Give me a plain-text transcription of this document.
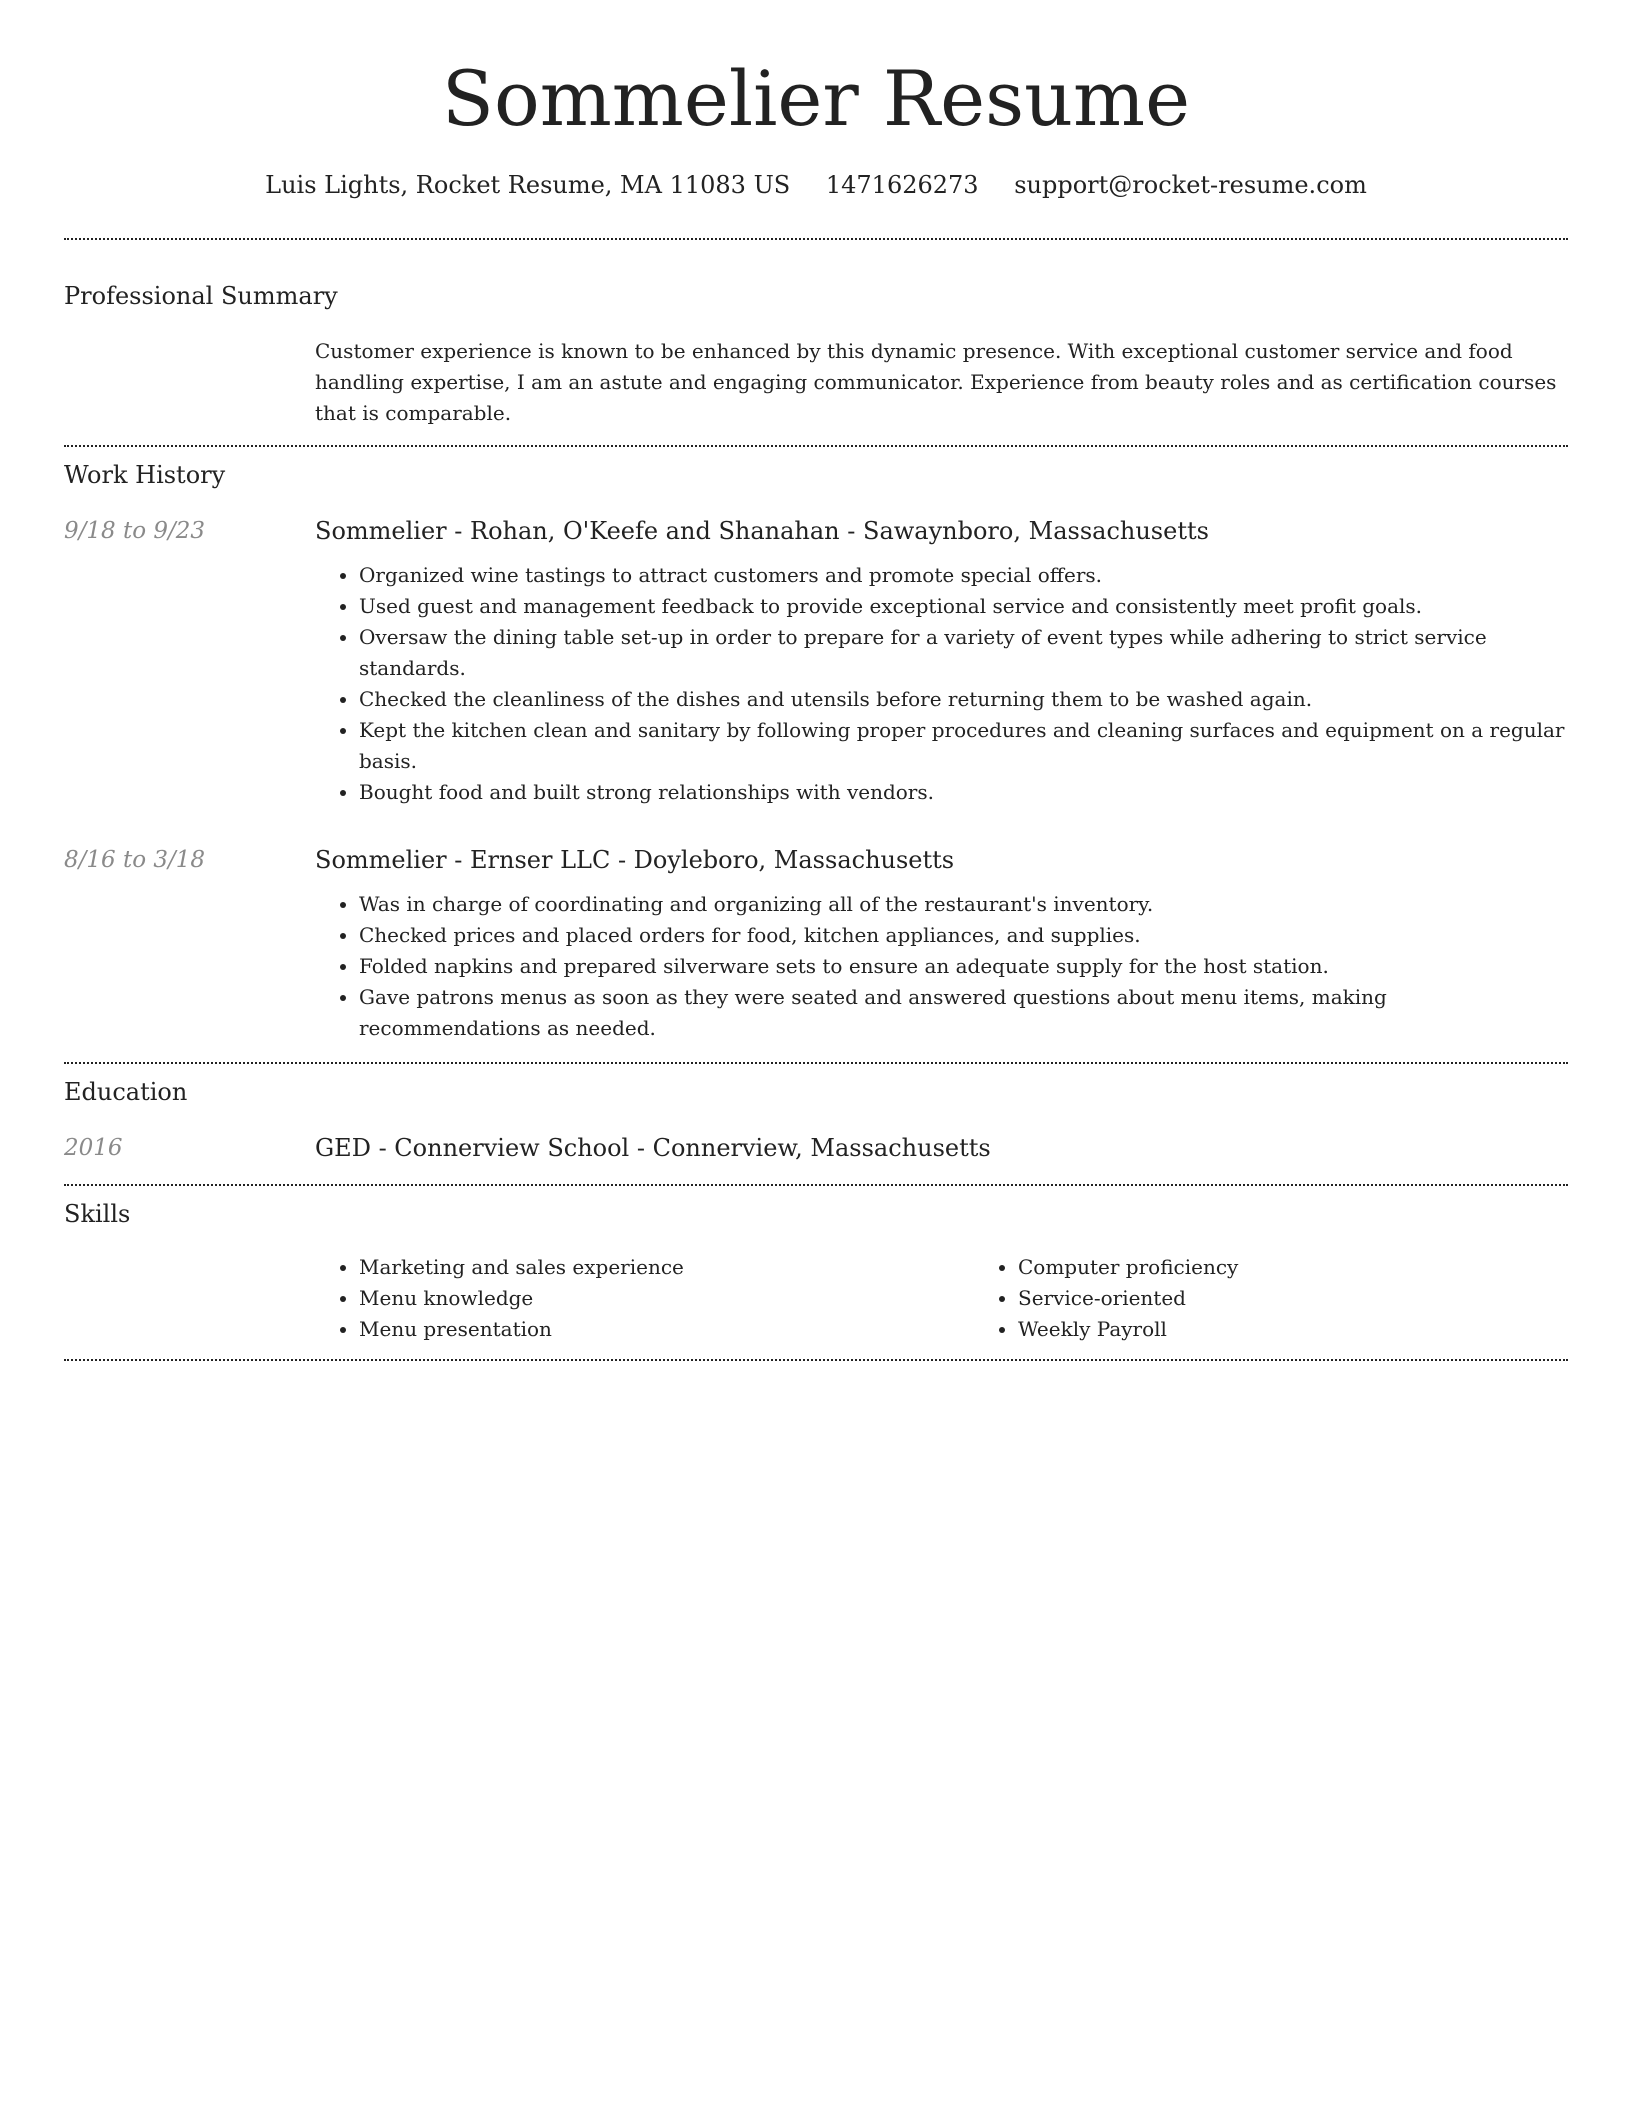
Sommelier Resume
Luis Lights, Rocket Resume, MA 11083 US 1471626273 support@rocket-resume.com
Professional Summary

Customer experience is known to be enhanced by this dynamic presence. With exceptional customer service and food handling expertise, I am an astute and engaging communicator. Experience from beauty roles and as certification courses that is comparable.

Work History
9/18 to 9/23	Sommelier - Rohan, O'Keefe and Shanahan - Sawaynboro, Massachusetts
• Organized wine tastings to attract customers and promote special offers.
• Used guest and management feedback to provide exceptional service and consistently meet profit goals.
• Oversaw the dining table set-up in order to prepare for a variety of event types while adhering to strict service standards.
• Checked the cleanliness of the dishes and utensils before returning them to be washed again.
• Kept the kitchen clean and sanitary by following proper procedures and cleaning surfaces and equipment on a regular basis.
• Bought food and built strong relationships with vendors.
8/16 to 3/18	Sommelier - Ernser LLC - Doyleboro, Massachusetts
• Was in charge of coordinating and organizing all of the restaurant's inventory.
• Checked prices and placed orders for food, kitchen appliances, and supplies.
• Folded napkins and prepared silverware sets to ensure an adequate supply for the host station.
• Gave patrons menus as soon as they were seated and answered questions about menu items, making recommendations as needed.
Education
2016	GED - Connerview School - Connerview, Massachusetts
Skills
• Marketing and sales experience
• Menu knowledge
• Menu presentation
• Computer proficiency
• Service-oriented
• Weekly Payroll
